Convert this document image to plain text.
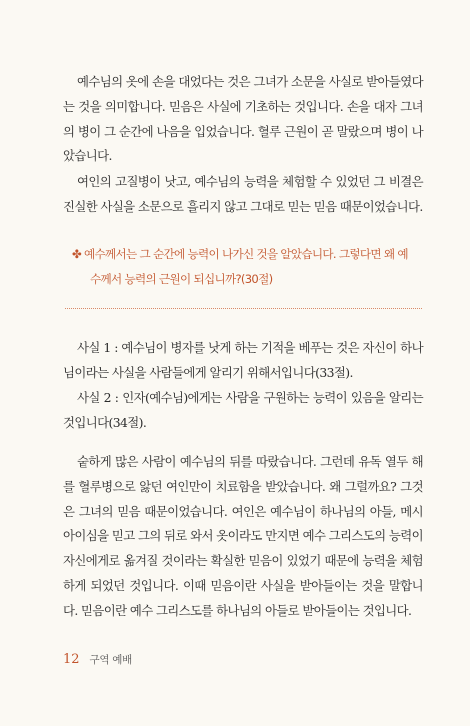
예수님의 옷에 손을 대었다는 것은 그녀가 소문을 사실로 받아들였다는 것을 의미합니다. 믿음은 사실에 기초하는 것입니다. 손을 대자 그녀의 병이 그 순간에 나음을 입었습니다. 혈루 근원이 곧 말랐으며 병이 나았습니다.

여인의 고질병이 낫고, 예수님의 능력을 체험할 수 있었던 그 비결은 진실한 사실을 소문으로 흘리지 않고 그대로 믿는 믿음 때문이었습니다.

✤ 예수께서는 그 순간에 능력이 나가신 것을 알았습니다. 그렇다면 왜 예
수께서 능력의 근원이 되십니까?(30절)
사실 1 : 예수님이 병자를 낫게 하는 기적을 베푸는 것은 자신이 하나님이라는 사실을 사람들에게 알리기 위해서입니다(33절).
사실 2 : 인자(예수님)에게는 사람을 구원하는 능력이 있음을 알리는 것입니다(34절).

숱하게 많은 사람이 예수님의 뒤를 따랐습니다. 그런데 유독 열두 해를 혈루병으로 앓던 여인만이 치료함을 받았습니다. 왜 그럴까요? 그것은 그녀의 믿음 때문이었습니다. 여인은 예수님이 하나님의 아들, 메시아이심을 믿고 그의 뒤로 와서 옷이라도 만지면 예수 그리스도의 능력이 자신에게로 옮겨질 것이라는 확실한 믿음이 있었기 때문에 능력을 체험하게 되었던 것입니다. 이때 믿음이란 사실을 받아들이는 것을 말합니다. 믿음이란 예수 그리스도를 하나님의 아들로 받아들이는 것입니다.

12 구역 예배
